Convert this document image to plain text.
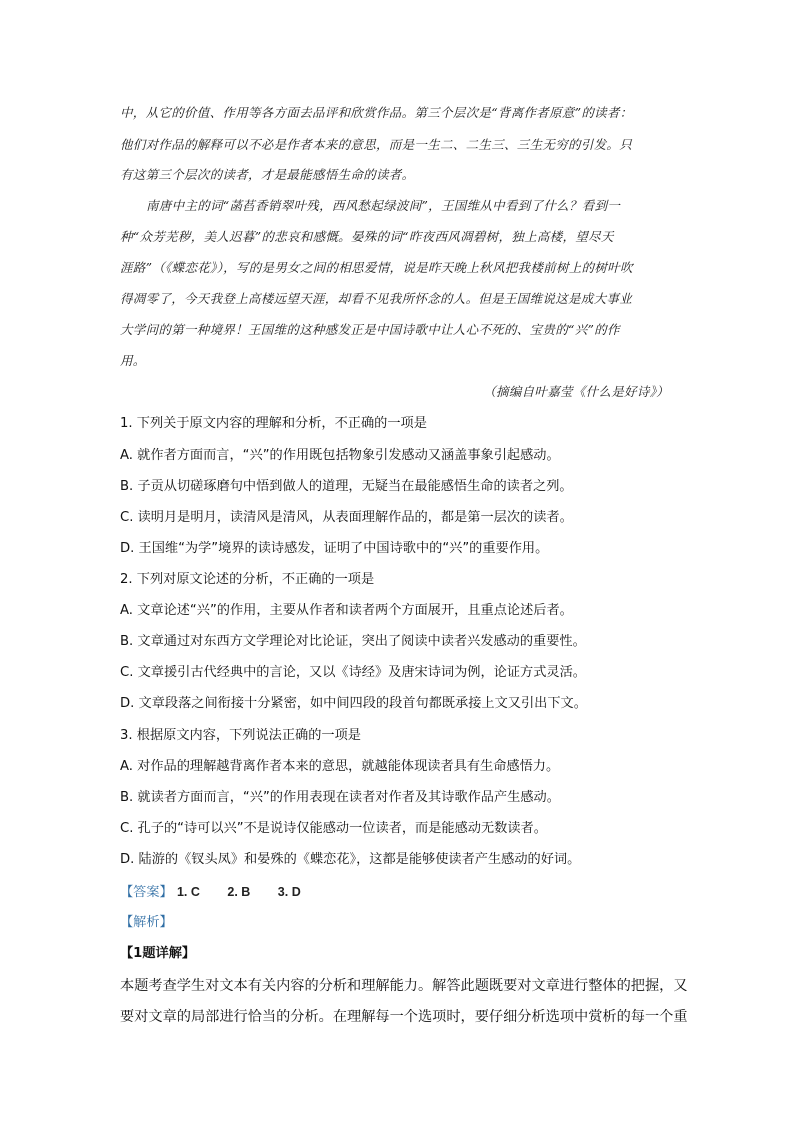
中，从它的价值、作用等各方面去品评和欣赏作品。第三个层次是“背离作者原意”的读者：
他们对作品的解释可以不必是作者本来的意思，而是一生二、二生三、三生无穷的引发。只
有这第三个层次的读者，才是最能感悟生命的读者。
南唐中主的词“菡萏香销翠叶残，西风愁起绿波间”，王国维从中看到了什么？看到一
种“众芳芜秽，美人迟暮”的悲哀和感慨。晏殊的词“昨夜西风凋碧树，独上高楼，望尽天
涯路”（《蝶恋花》），写的是男女之间的相思爱情，说是昨天晚上秋风把我楼前树上的树叶吹
得凋零了，今天我登上高楼远望天涯，却看不见我所怀念的人。但是王国维说这是成大事业
大学问的第一种境界！王国维的这种感发正是中国诗歌中让人心不死的、宝贵的“兴”的作
用。
（摘编自叶嘉莹《什么是好诗》）
1. 下列关于原文内容的理解和分析，不正确的一项是
A. 就作者方面而言，“兴”的作用既包括物象引发感动又涵盖事象引起感动。
B. 子贡从切磋琢磨句中悟到做人的道理，无疑当在最能感悟生命的读者之列。
C. 读明月是明月，读清风是清风，从表面理解作品的，都是第一层次的读者。
D. 王国维“为学”境界的读诗感发，证明了中国诗歌中的“兴”的重要作用。
2. 下列对原文论述的分析，不正确的一项是
A. 文章论述“兴”的作用，主要从作者和读者两个方面展开，且重点论述后者。
B. 文章通过对东西方文学理论对比论证，突出了阅读中读者兴发感动的重要性。
C. 文章援引古代经典中的言论，又以《诗经》及唐宋诗词为例，论证方式灵活。
D. 文章段落之间衔接十分紧密，如中间四段的段首句都既承接上文又引出下文。
3. 根据原文内容，下列说法正确的一项是
A. 对作品的理解越背离作者本来的意思，就越能体现读者具有生命感悟力。
B. 就读者方面而言，“兴”的作用表现在读者对作者及其诗歌作品产生感动。
C. 孔子的“诗可以兴”不是说诗仅能感动一位读者，而是能感动无数读者。
D. 陆游的《钗头凤》和晏殊的《蝶恋花》，这都是能够使读者产生感动的好词。
【答案】 1. C 2. B 3. D
【解析】
【1题详解】
本题考查学生对文本有关内容的分析和理解能力。解答此题既要对文章进行整体的把握，又
要对文章的局部进行恰当的分析。在理解每一个选项时，要仔细分析选项中赏析的每一个重
